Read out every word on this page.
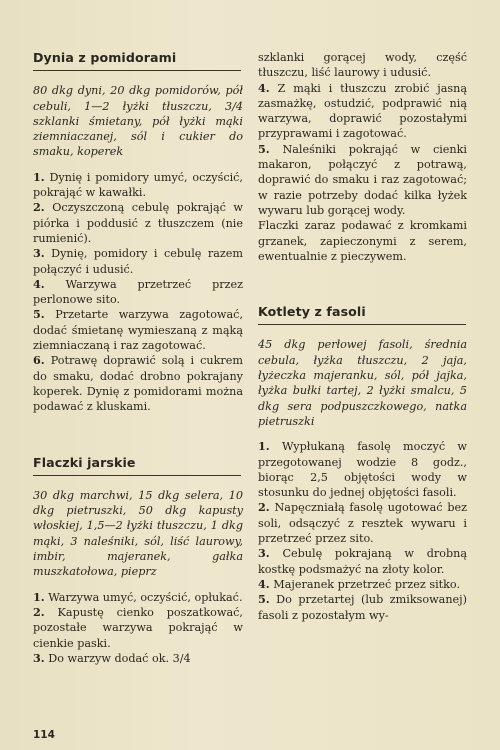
Dynia z pomidorami

80 dkg dyni, 20 dkg pomidorów, pół cebuli, 1—2 łyżki tłuszczu, 3/4 szklanki śmietany, pół łyżki mąki ziemniaczanej, sól i cukier do smaku, koperek

1. Dynię i pomidory umyć, oczyścić, pokrająć w kawałki.

2. Oczyszczoną cebulę pokrająć w piórka i poddusić z tłuszczem (nie rumienić).

3. Dynię, pomidory i cebulę razem połączyć i udusić.

4. Warzywa przetrzeć przez perlonowe sito.

5. Przetarte warzywa zagotować, dodać śmietanę wymieszaną z mąką ziemniaczaną i raz zagotować.

6. Potrawę doprawić solą i cukrem do smaku, dodać drobno pokrajany koperek. Dynię z pomidorami można podawać z kluskami.

Flaczki jarskie

30 dkg marchwi, 15 dkg selera, 10 dkg pietruszki, 50 dkg kapusty włoskiej, 1,5—2 łyżki tłuszczu, 1 dkg mąki, 3 naleśniki, sól, liść laurowy, imbir, majeranek, gałka muszkatołowa, pieprz

1. Warzywa umyć, oczyścić, opłukać.

2. Kapustę cienko poszatkować, pozostałe warzywa pokrająć w cienkie paski.

3. Do warzyw dodać ok. 3/4

szklanki gorącej wody, część tłuszczu, liść laurowy i udusić.

4. Z mąki i tłuszczu zrobić jasną zasmażkę, ostudzić, podprawić nią warzywa, doprawić pozostałymi przyprawami i zagotować.

5. Naleśniki pokrająć w cienki makaron, połączyć z potrawą, doprawić do smaku i raz zagotować; w razie potrzeby dodać kilka łyżek wywaru lub gorącej wody.

Flaczki zaraz podawać z kromkami grzanek, zapieczonymi z serem, ewentualnie z pieczywem.

Kotlety z fasoli

45 dkg perłowej fasoli, średnia cebula, łyżka tłuszczu, 2 jaja, łyżeczka majeranku, sól, pół jajka, łyżka bułki tartej, 2 łyżki smalcu, 5 dkg sera podpuszczkowego, natka pietruszki

1. Wypłukaną fasolę moczyć w przegotowanej wodzie 8 godz., biorąc 2,5 objętości wody w stosunku do jednej objętości fasoli.

2. Napęczniałą fasolę ugotować bez soli, odsączyć z resztek wywaru i przetrzeć przez sito.

3. Cebulę pokrajaną w drobną kostkę podsmażyć na złoty kolor.

4. Majeranek przetrzeć przez sitko.

5. Do przetartej (lub zmiksowanej) fasoli z pozostałym wy-

114
